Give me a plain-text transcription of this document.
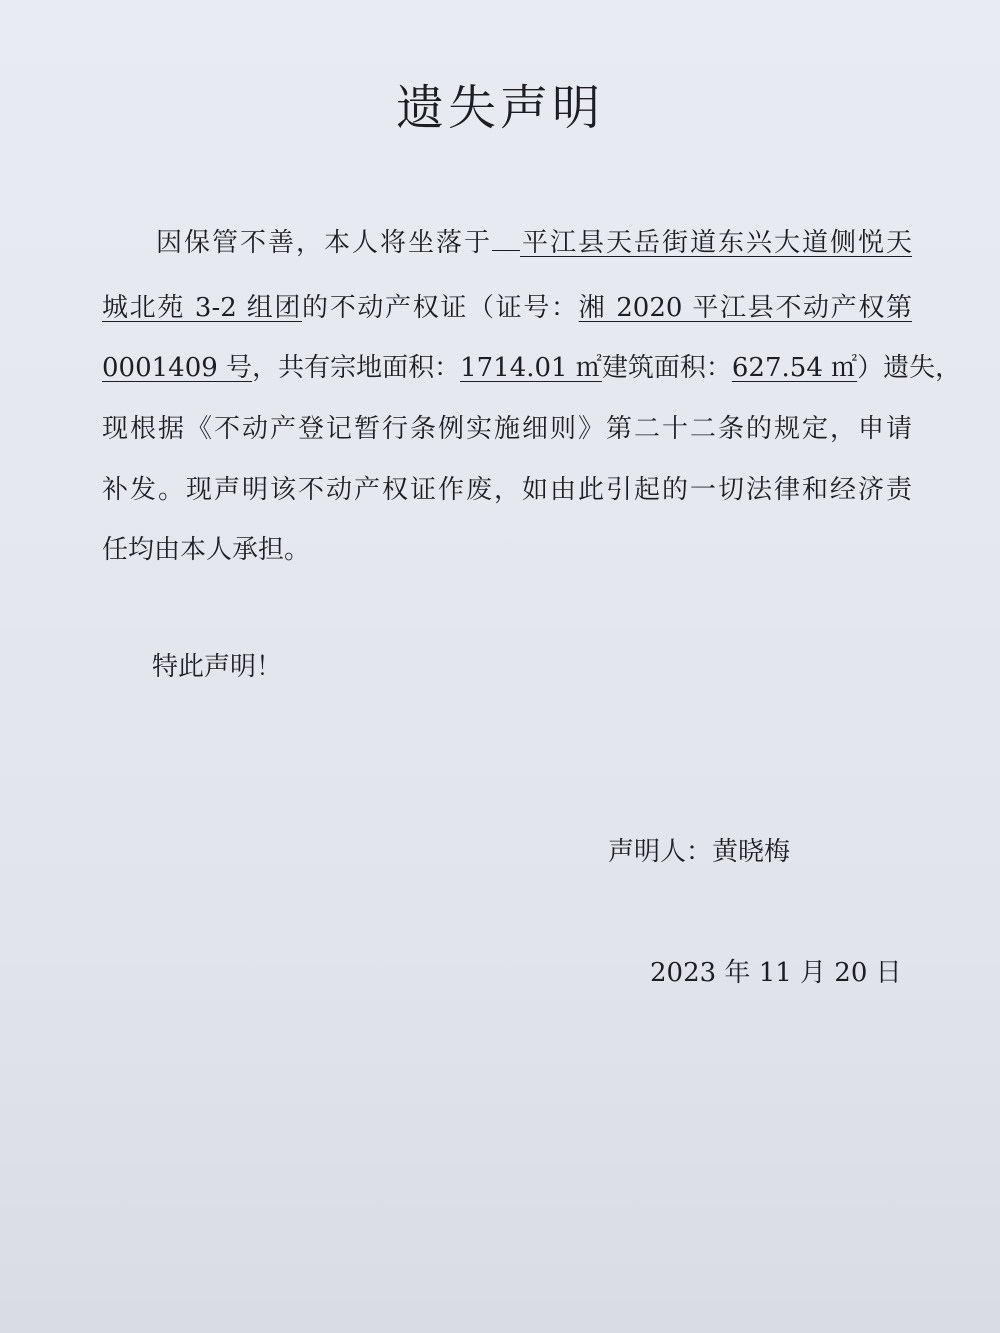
遗失声明
因保管不善，本人将坐落于 平江县天岳街道东兴大道侧悦天
城北苑 3-2 组团的不动产权证（证号：湘 2020 平江县不动产权第
0001409 号，共有宗地面积：1714.01 ㎡建筑面积：627.54 ㎡）遗失，
现根据《不动产登记暂行条例实施细则》第二十二条的规定，申请
补发。现声明该不动产权证作废，如由此引起的一切法律和经济责
任均由本人承担。
特此声明！
声明人：黄晓梅
2023 年 11 月 20 日
